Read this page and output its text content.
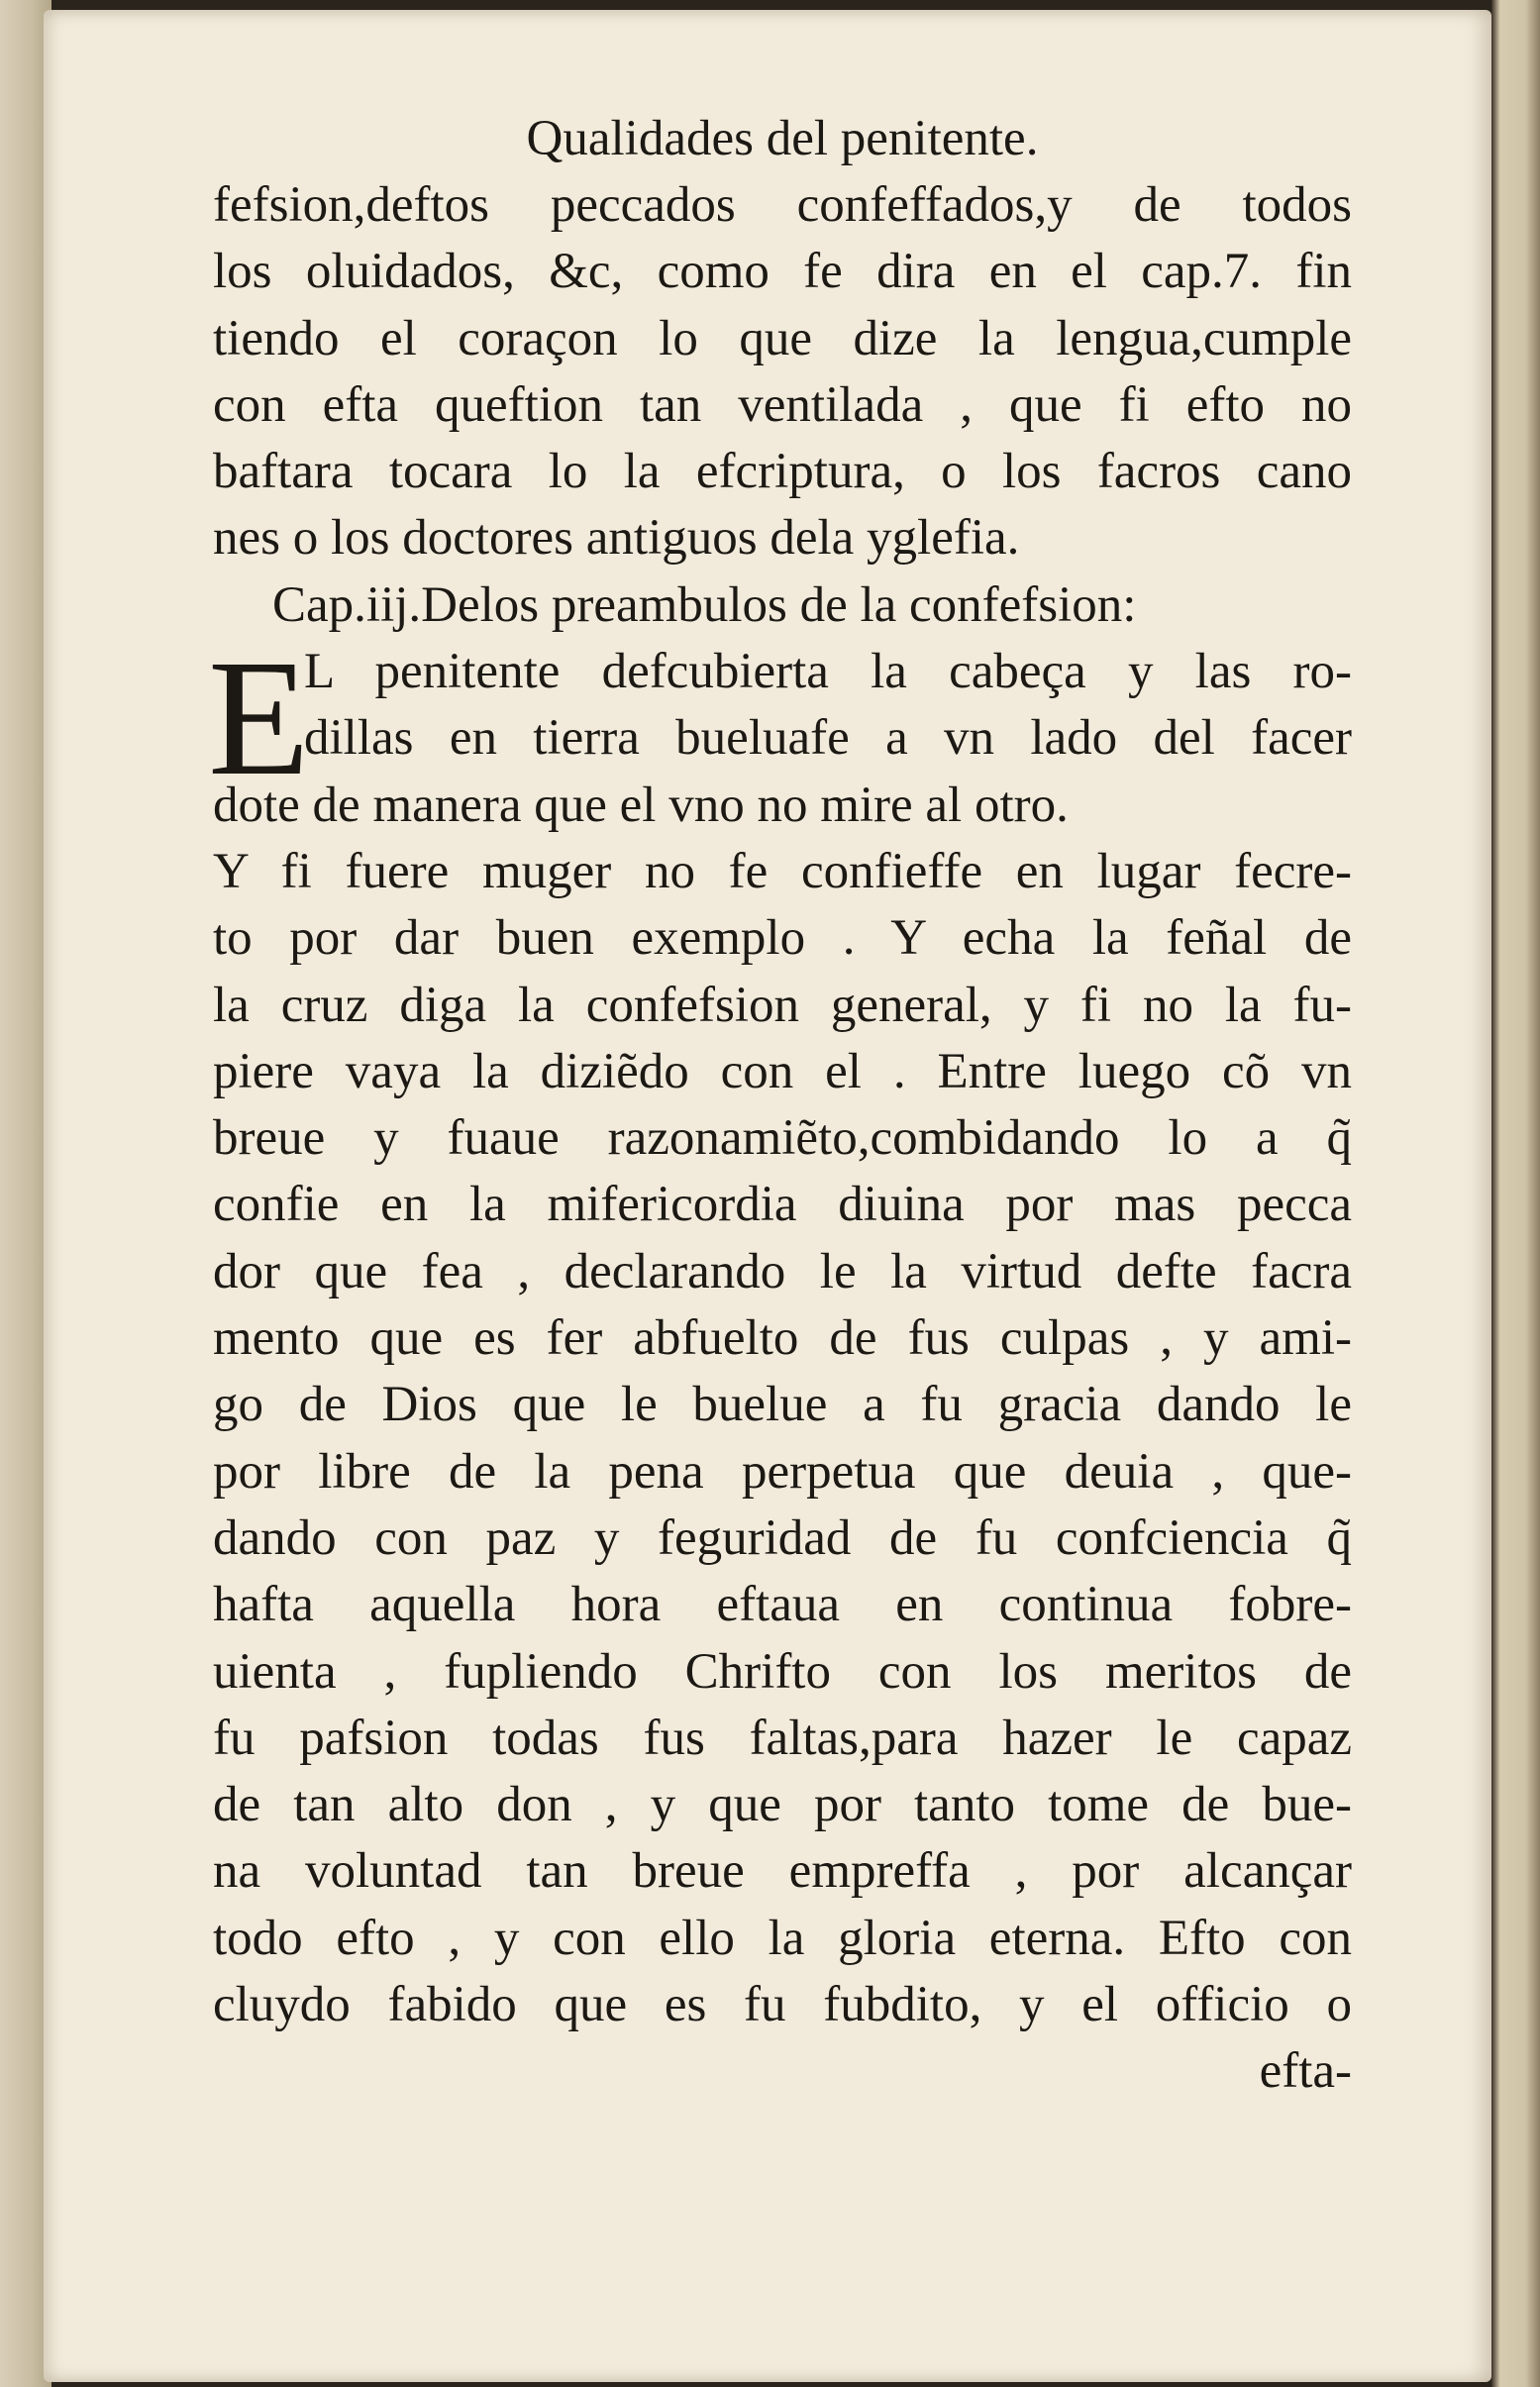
Qualidades del penitente.
fefsion,deftos peccados confeffados,y de todos
los oluidados, &c, como fe dira en el cap.7. fin
tiendo el coraçon lo que dize la lengua,cumple
con efta queftion tan ventilada , que fi efto no
baftara tocara lo la efcriptura, o los facros cano
nes o los doctores antiguos dela yglefia.
Cap.iij.Delos preambulos de la confefsion:
E
L penitente defcubierta la cabeça y las ro-
dillas en tierra bueluafe a vn lado del facer
dote de manera que el vno no mire al otro.
Y fi fuere muger no fe confieffe en lugar fecre-
to por dar buen exemplo . Y echa la feñal de
la cruz diga la confefsion general, y fi no la fu-
piere vaya la diziẽdo con el . Entre luego cõ vn
breue y fuaue razonamiẽto,combidando lo a q̃
confie en la mifericordia diuina por mas pecca
dor que fea , declarando le la virtud defte facra
mento que es fer abfuelto de fus culpas , y ami-
go de Dios que le buelue a fu gracia dando le
por libre de la pena perpetua que deuia , que-
dando con paz y feguridad de fu confciencia q̃
hafta aquella hora eftaua en continua fobre-
uienta , fupliendo Chrifto con los meritos de
fu pafsion todas fus faltas,para hazer le capaz
de tan alto don , y que por tanto tome de bue-
na voluntad tan breue empreffa , por alcançar
todo efto , y con ello la gloria eterna. Efto con
cluydo fabido que es fu fubdito, y el officio o
efta-
